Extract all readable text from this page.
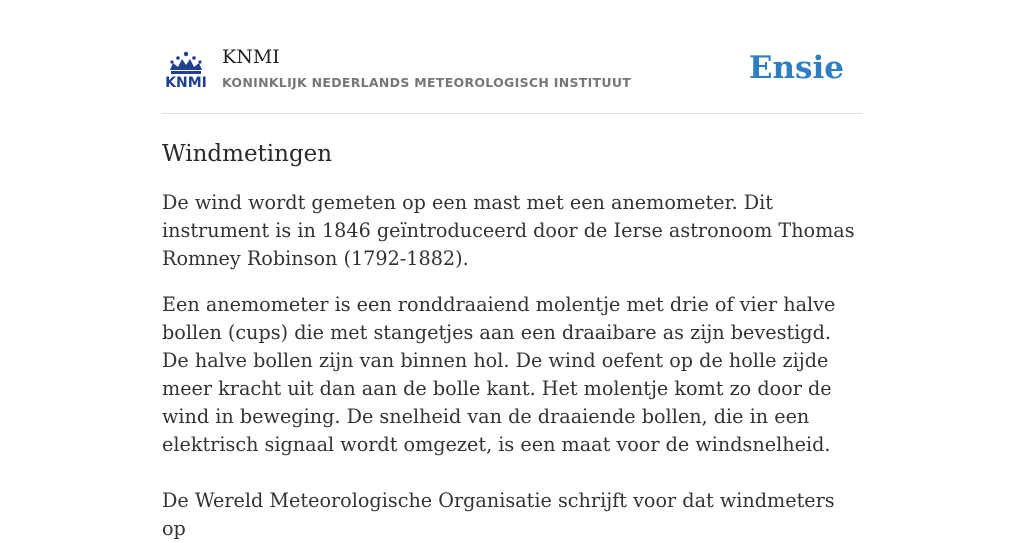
KNMI
KNMI
KONINKLIJK NEDERLANDS METEOROLOGISCH INSTITUUT	Ensie
Windmetingen

De wind wordt gemeten op een mast met een anemometer. Dit instrument is in 1846 geïntroduceerd door de Ierse astronoom Thomas Romney Robinson (1792-1882).

Een anemometer is een ronddraaiend molentje met drie of vier halve bollen (cups) die met stangetjes aan een draaibare as zijn bevestigd. De halve bollen zijn van binnen hol. De wind oefent op de holle zijde meer kracht uit dan aan de bolle kant. Het molentje komt zo door de wind in beweging. De snelheid van de draaiende bollen, die in een elektrisch signaal wordt omgezet, is een maat voor de windsnelheid.

De Wereld Meteorologische Organisatie schrijft voor dat windmeters op
